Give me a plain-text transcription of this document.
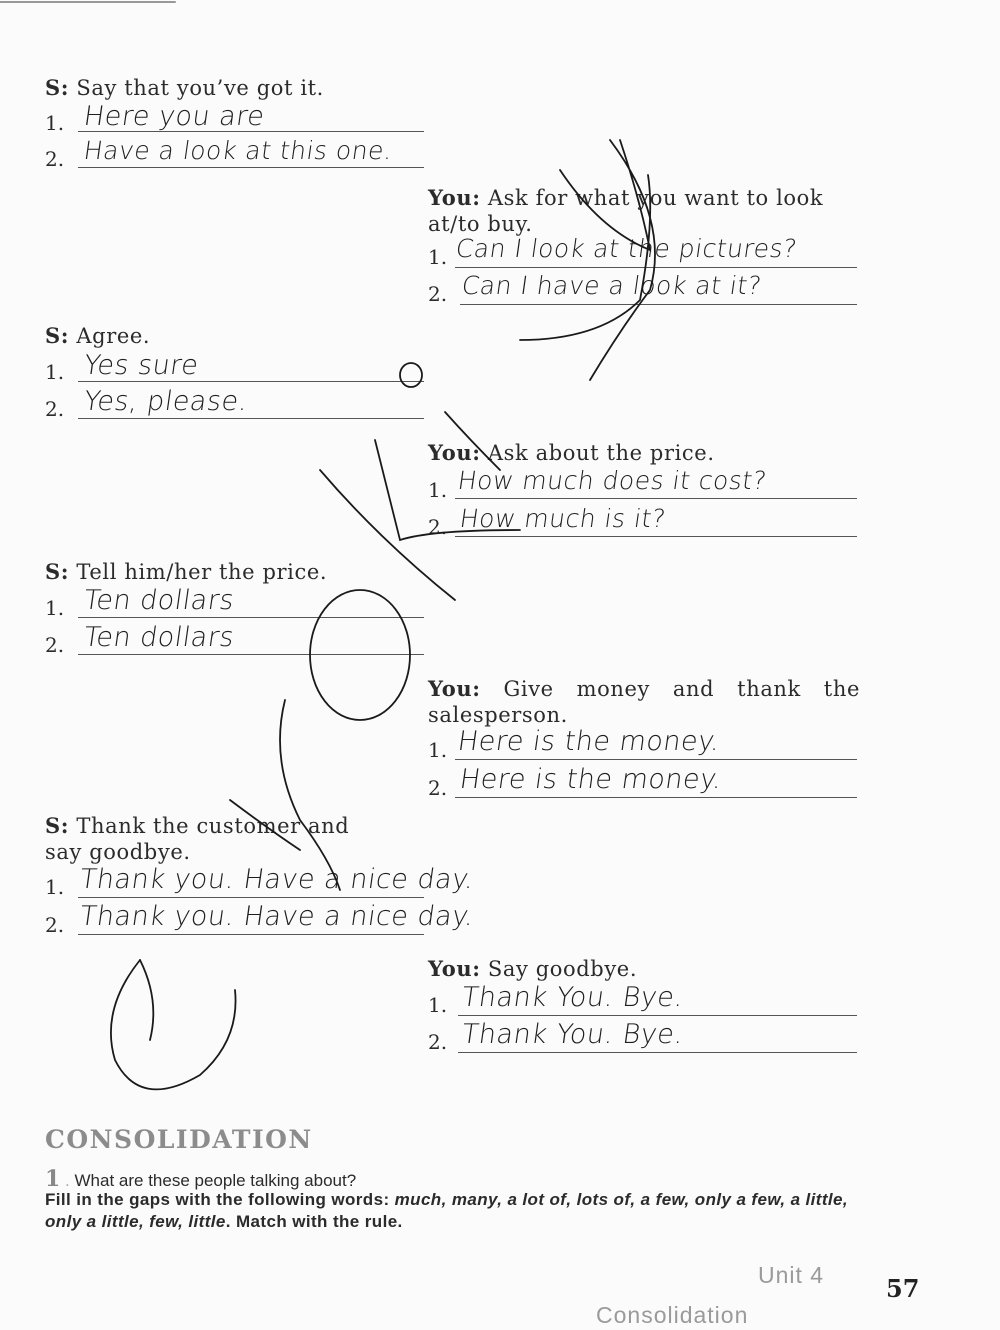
S: Say that you’ve got it.
1. Here you are
2. Have a look at this one.
You: Ask for what you want to look at/to buy.
1. Can I look at the pictures?
2. Can I have a look at it?
S: Agree.
1. Yes sure
2. Yes, please.
You: Ask about the price.
1. How much does it cost?
2. How much is it?
S: Tell him/her the price.
1. Ten dollars
2. Ten dollars
You: Give money and thank the salesperson.
1. Here is the money.
2. Here is the money.
S: Thank the customer and say goodbye.
1. Thank you. Have a nice day.
2. Thank you. Have a nice day.
You: Say goodbye.
1. Thank You. Bye.
2. Thank You. Bye.
CONSOLIDATION
1 . What are these people talking about?
Fill in the gaps with the following words: much, many, a lot of, lots of, a few, only a few, a little, only a little, few, little. Match with the rule.
Unit 4
Consolidation
57
